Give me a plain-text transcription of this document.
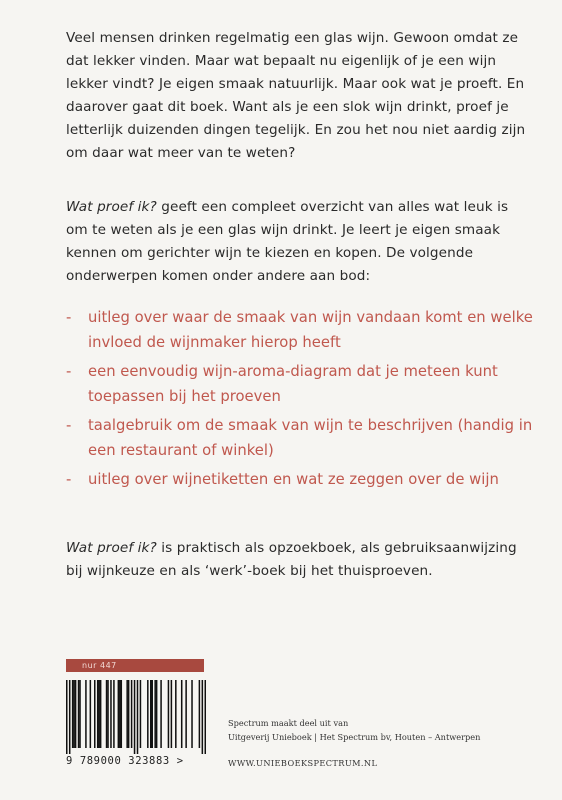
Veel mensen drinken regelmatig een glas wijn. Gewoon omdat ze dat lekker vinden. Maar wat bepaalt nu eigenlijk of je een wijn lekker vindt? Je eigen smaak natuurlijk. Maar ook wat je proeft. En daarover gaat dit boek. Want als je een slok wijn drinkt, proef je letterlijk duizenden dingen tegelijk. En zou het nou niet aardig zijn om daar wat meer van te weten?

Wat proef ik? geeft een compleet overzicht van alles wat leuk is om te weten als je een glas wijn drinkt. Je leert je eigen smaak kennen om gerichter wijn te kiezen en kopen. De volgende onderwerpen komen onder andere aan bod:

- uitleg over waar de smaak van wijn vandaan komt en welke invloed de wijnmaker hierop heeft
- een eenvoudig wijn-aroma-diagram dat je meteen kunt toepassen bij het proeven
- taalgebruik om de smaak van wijn te beschrijven (handig in een restaurant of winkel)
- uitleg over wijnetiketten en wat ze zeggen over de wijn

Wat proef ik? is praktisch als opzoekboek, als gebruiksaanwijzing bij wijnkeuze en als ‘werk’-boek bij het thuisproeven.

nur 447
9 789000 323883 >
Spectrum maakt deel uit van
Uitgeverij Unieboek | Het Spectrum bv, Houten – Antwerpen
WWW.UNIEBOEKSPECTRUM.NL
